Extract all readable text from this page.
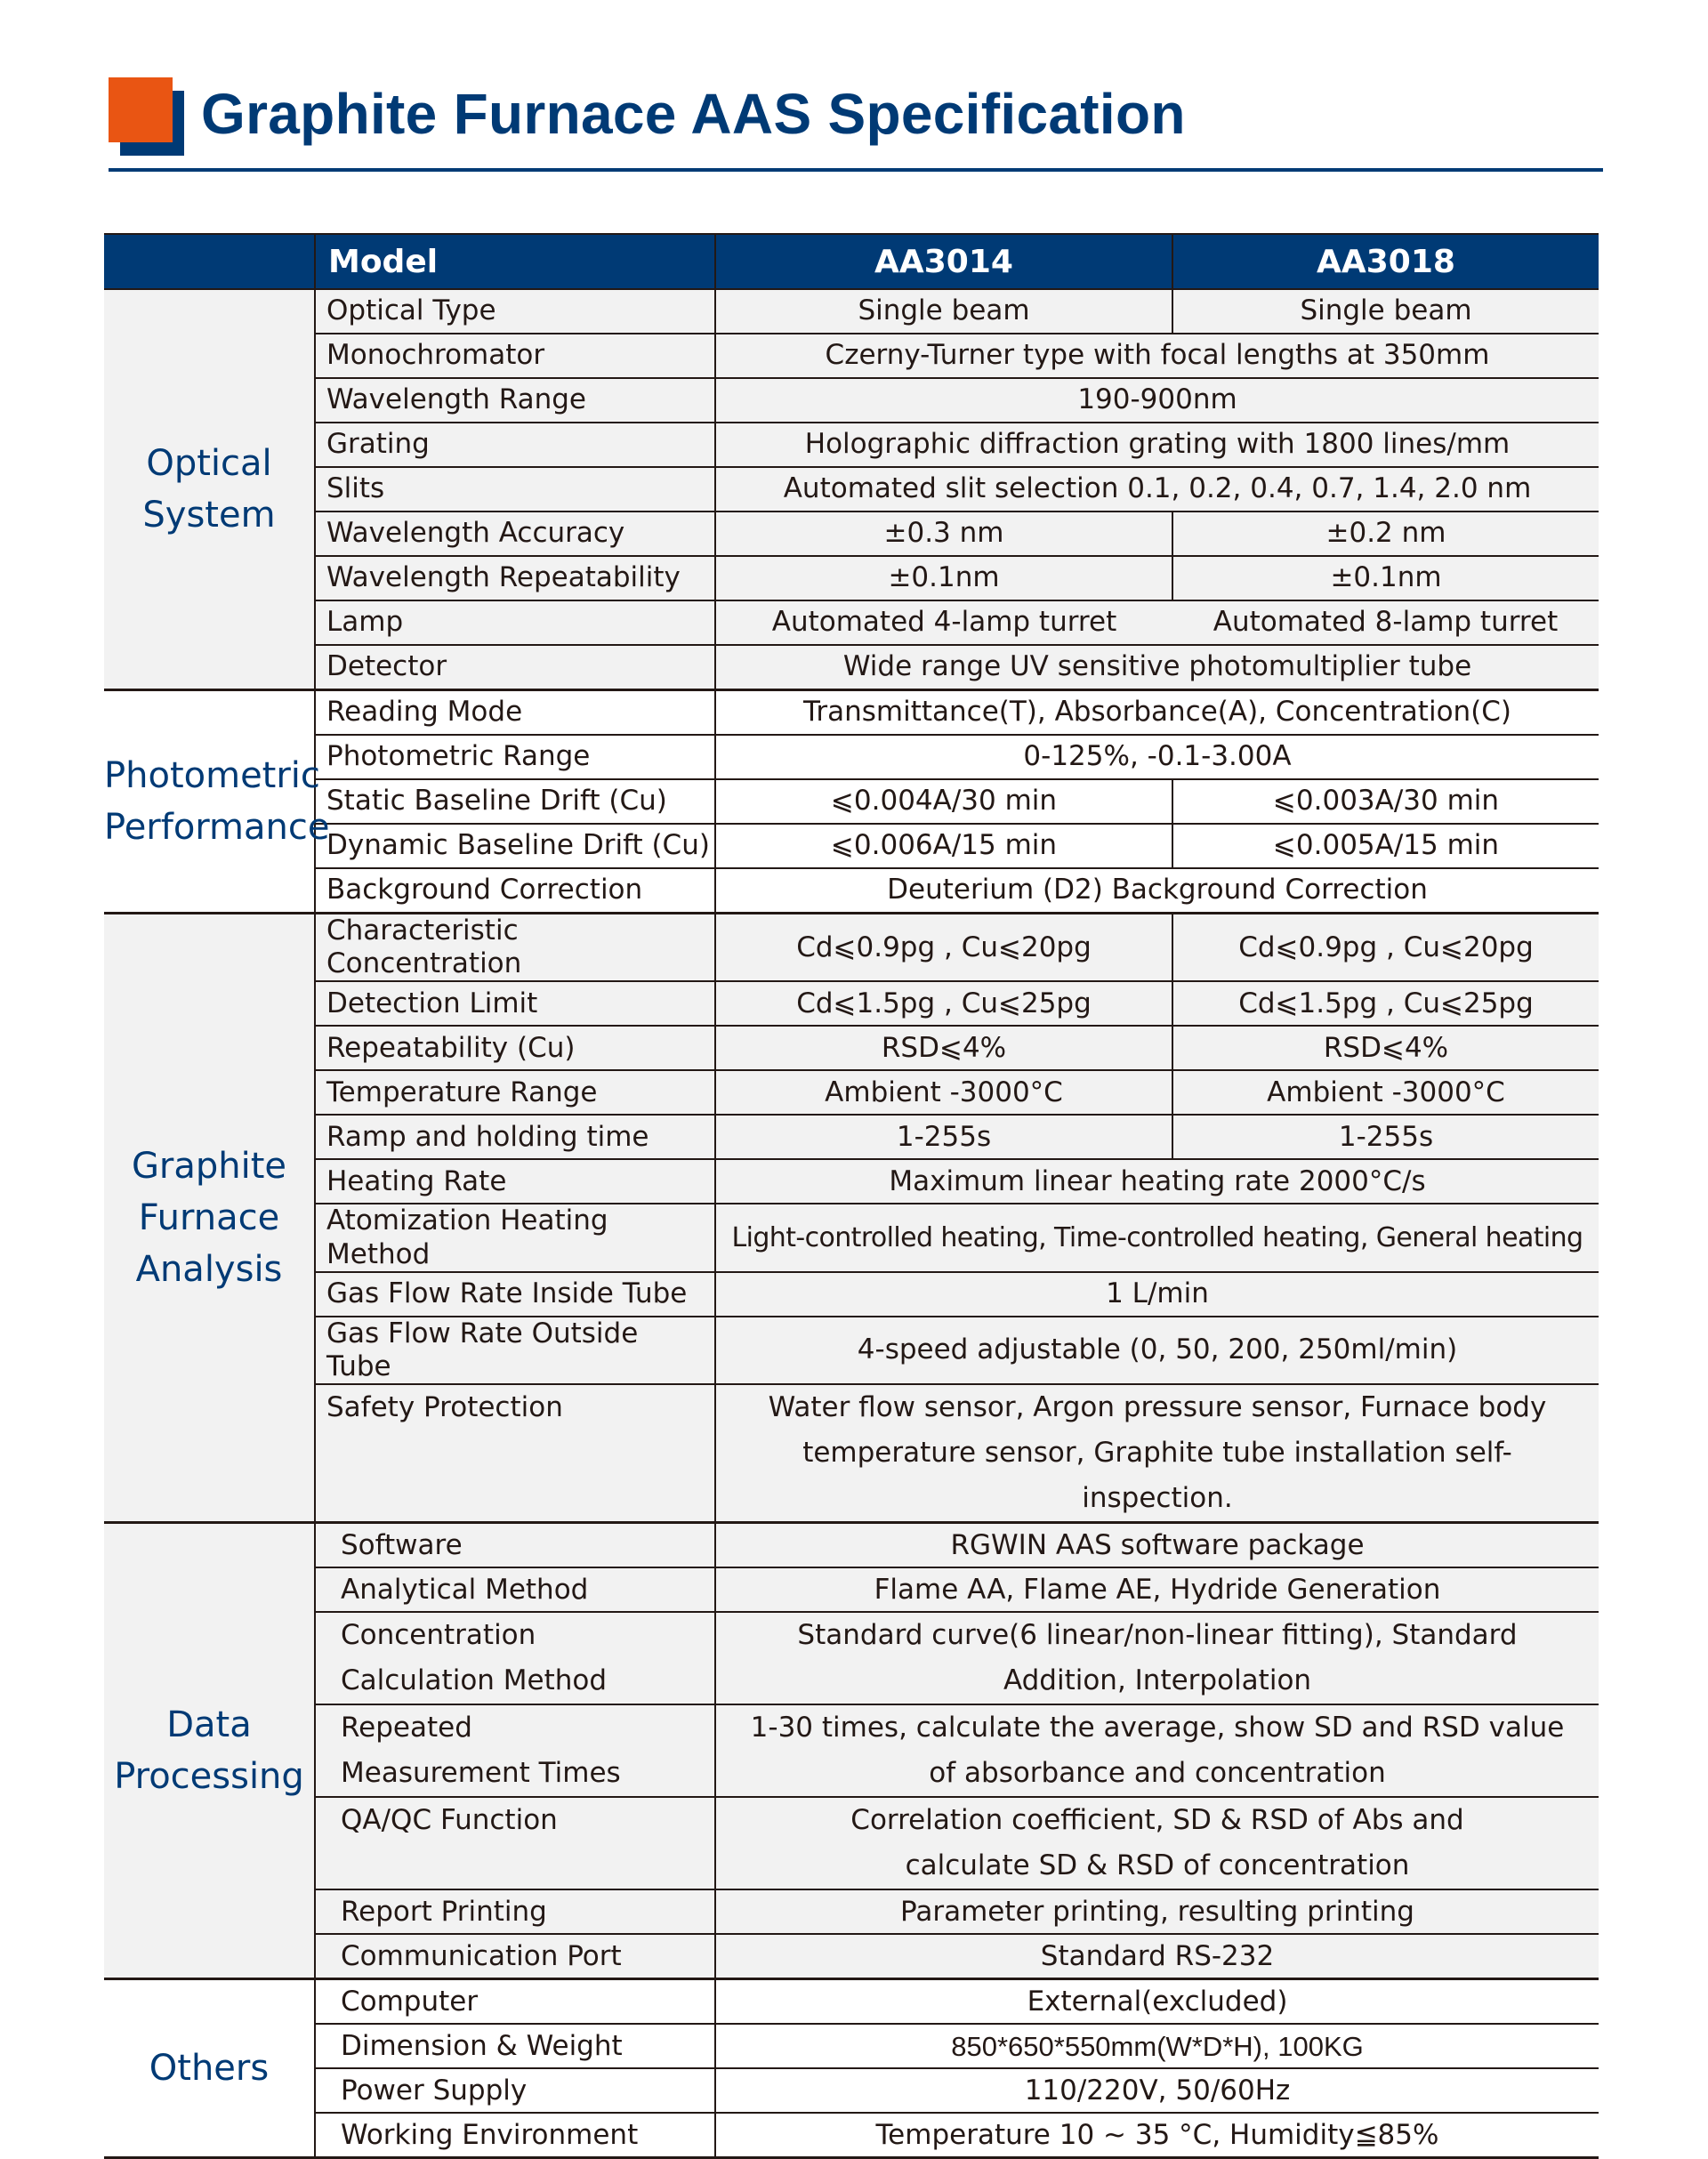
Graphite Furnace AAS Specification
	Model	AA3014	AA3018
Optical System	Optical Type	Single beam	Single beam
	Monochromator	Czerny-Turner type with focal lengths at 350mm	
	Wavelength Range	190-900nm	
	Grating	Holographic diffraction grating with 1800 lines/mm	
	Slits	Automated slit selection 0.1, 0.2, 0.4, 0.7, 1.4, 2.0 nm	
	Wavelength Accuracy	±0.3 nm	±0.2 nm
	Wavelength Repeatability	±0.1nm	±0.1nm
	Lamp	Automated 4-lamp turret	Automated 8-lamp turret
	Detector	Wide range UV sensitive photomultiplier tube	
Photometric Performance	Reading Mode	Transmittance(T), Absorbance(A), Concentration(C)	
	Photometric Range	0-125%, -0.1-3.00A	
	Static Baseline Drift (Cu)	⩽0.004A/30 min	⩽0.003A/30 min
	Dynamic Baseline Drift (Cu)	⩽0.006A/15 min	⩽0.005A/15 min
	Background Correction	Deuterium (D2) Background Correction	
Graphite Furnace Analysis	Characteristic Concentration	Cd⩽0.9pg , Cu⩽20pg	Cd⩽0.9pg , Cu⩽20pg
	Detection Limit	Cd⩽1.5pg , Cu⩽25pg	Cd⩽1.5pg , Cu⩽25pg
	Repeatability (Cu)	RSD⩽4%	RSD⩽4%
	Temperature Range	Ambient -3000°C	Ambient -3000°C
	Ramp and holding time	1-255s	1-255s
	Heating Rate	Maximum linear heating rate 2000°C/s	
	Atomization Heating Method	Light-controlled heating, Time-controlled heating, General heating	
	Gas Flow Rate Inside Tube	1 L/min	
	Gas Flow Rate Outside Tube	4-speed adjustable (0, 50, 200, 250ml/min)	
	Safety Protection	Water flow sensor, Argon pressure sensor, Furnace body temperature sensor, Graphite tube installation self-inspection.	
Data Processing	Software	RGWIN AAS software package	
	Analytical Method	Flame AA, Flame AE, Hydride Generation	
	Concentration Calculation Method	Standard curve(6 linear/non-linear fitting), Standard Addition, Interpolation	
	Repeated Measurement Times	1-30 times, calculate the average, show SD and RSD value of absorbance and concentration	
	QA/QC Function	Correlation coefficient, SD & RSD of Abs and calculate SD & RSD of concentration	
	Report Printing	Parameter printing, resulting printing	
	Communication Port	Standard RS-232	
Others	Computer	External(excluded)	
	Dimension & Weight	850*650*550mm(W*D*H), 100KG	
	Power Supply	110/220V, 50/60Hz	
	Working Environment	Temperature 10 ~ 35 °C, Humidity≦85%	
